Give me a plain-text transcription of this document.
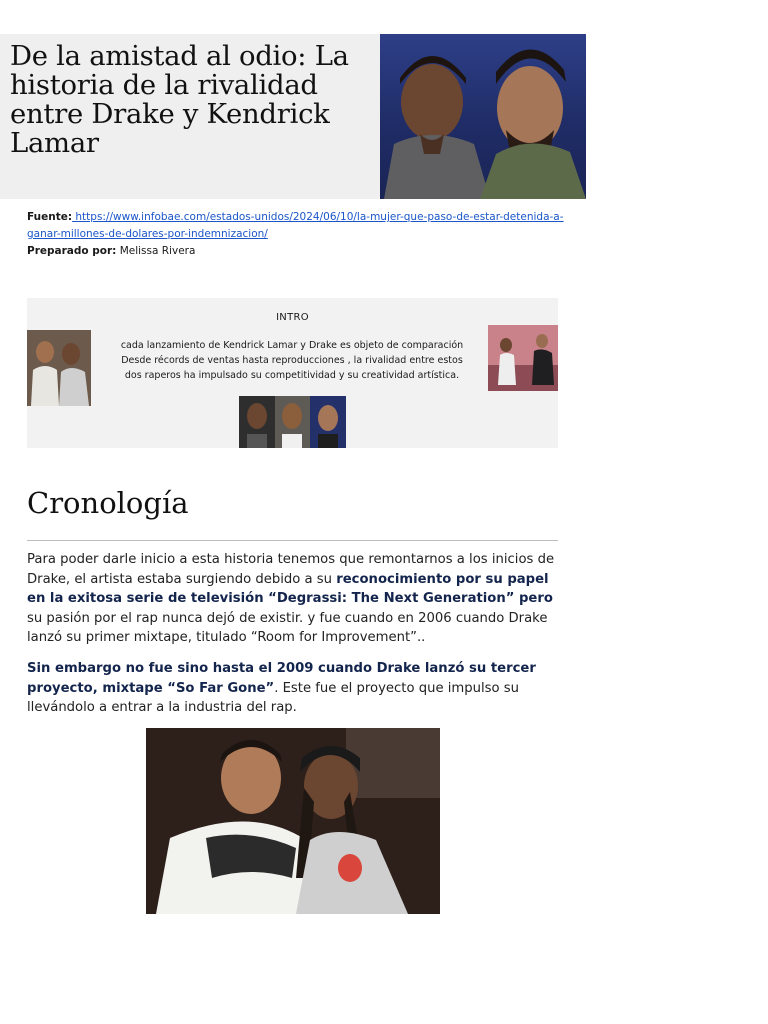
De la amistad al odio: La historia de la rivalidad entre Drake y Kendrick Lamar
Fuente: https://www.infobae.com/estados-unidos/2024/06/10/la-mujer-que-paso-de-estar-detenida-a-ganar-millones-de-dolares-por-indemnizacion/
Preparado por: Melissa Rivera
INTRO
cada lanzamiento de Kendrick Lamar y Drake es objeto de comparación Desde récords de ventas hasta reproducciones , la rivalidad entre estos dos raperos ha impulsado su competitividad y su creatividad artística.
Cronología

Para poder darle inicio a esta historia tenemos que remontarnos a los inicios de Drake, el artista estaba surgiendo debido a su reconocimiento por su papel en la exitosa serie de televisión “Degrassi: The Next Generation” pero su pasión por el rap nunca dejó de existir. y fue cuando en 2006 cuando Drake lanzó su primer mixtape, titulado “Room for Improvement”..

Sin embargo no fue sino hasta el 2009 cuando Drake lanzó su tercer proyecto, mixtape “So Far Gone”. Este fue el proyecto que impulso su llevándolo a entrar a la industria del rap.
